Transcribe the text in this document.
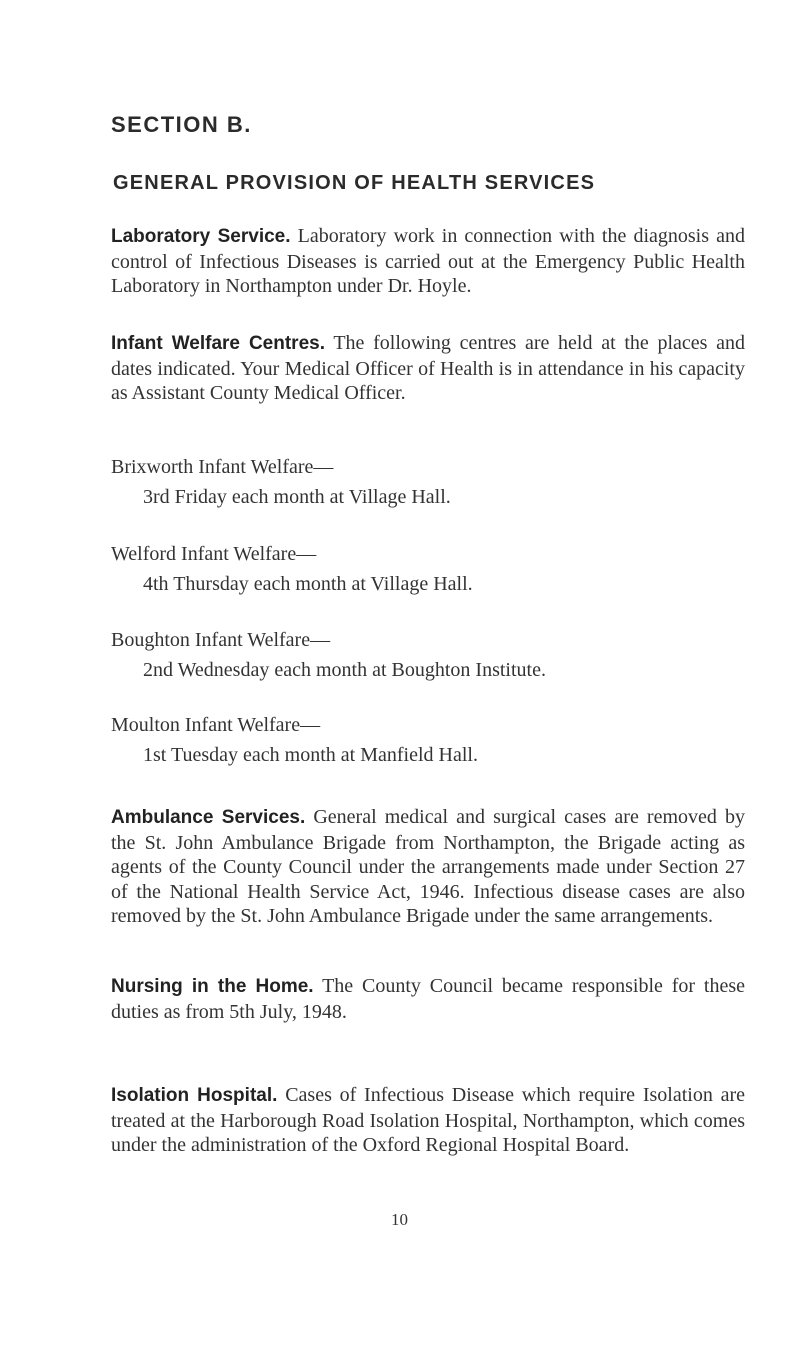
SECTION B.
GENERAL PROVISION OF HEALTH SERVICES

Laboratory Service. Laboratory work in connection with the diagnosis and control of Infectious Diseases is carried out at the Emergency Public Health Laboratory in Northampton under Dr. Hoyle.

Infant Welfare Centres. The following centres are held at the places and dates indicated. Your Medical Officer of Health is in attendance in his capacity as Assistant County Medical Officer.

Brixworth Infant Welfare—
3rd Friday each month at Village Hall.

Welford Infant Welfare—
4th Thursday each month at Village Hall.

Boughton Infant Welfare—
2nd Wednesday each month at Boughton Institute.

Moulton Infant Welfare—
1st Tuesday each month at Manfield Hall.

Ambulance Services. General medical and surgical cases are removed by the St. John Ambulance Brigade from Northampton, the Brigade acting as agents of the County Council under the arrangements made under Section 27 of the National Health Service Act, 1946. Infectious disease cases are also removed by the St. John Ambulance Brigade under the same arrangements.

Nursing in the Home. The County Council became responsible for these duties as from 5th July, 1948.

Isolation Hospital. Cases of Infectious Disease which require Isolation are treated at the Harborough Road Isolation Hospital, Northampton, which comes under the administration of the Oxford Regional Hospital Board.

10
